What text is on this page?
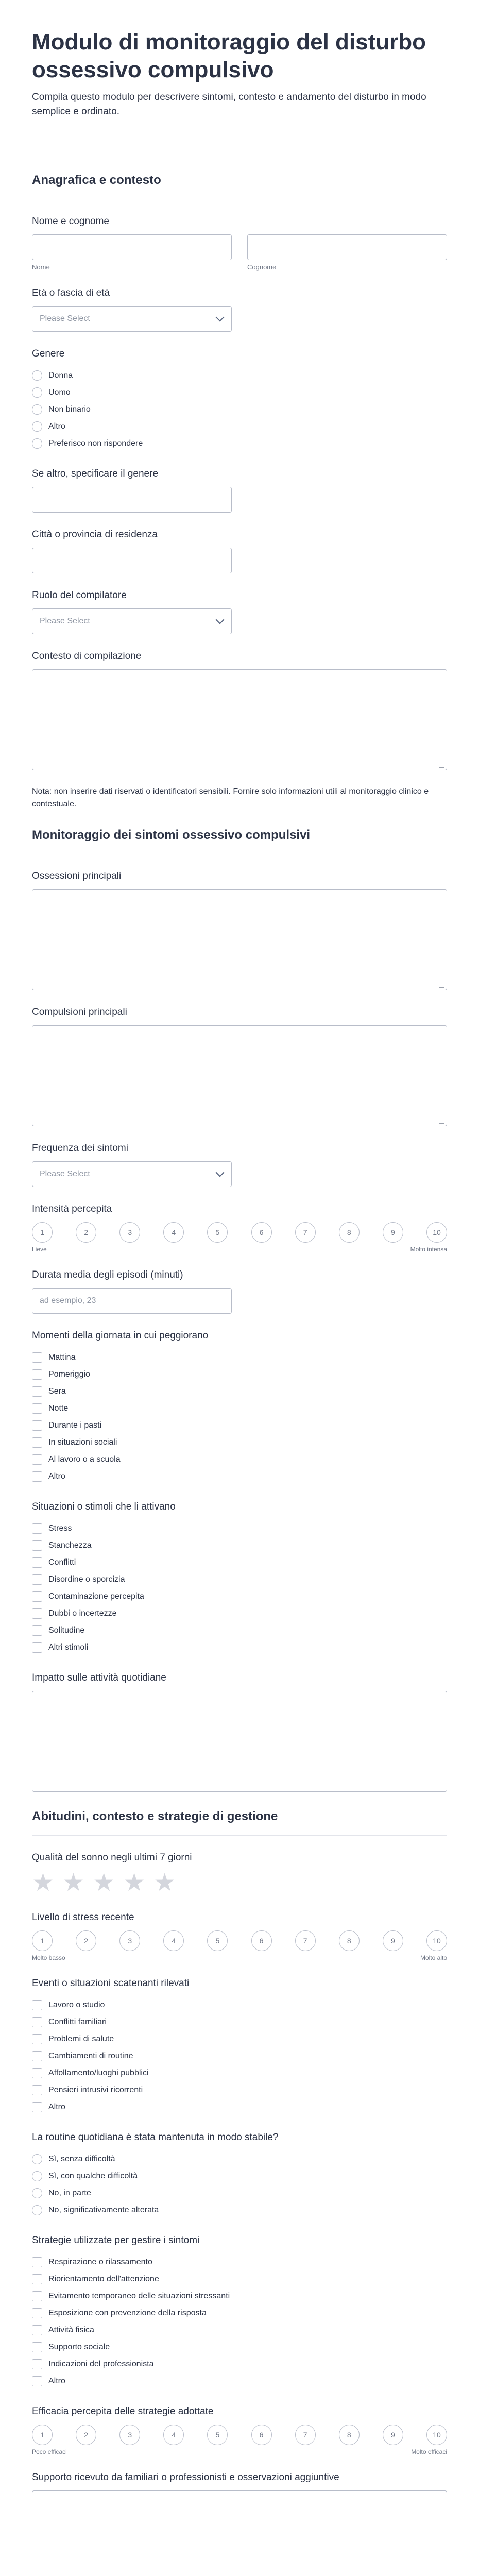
Modulo di monitoraggio del disturbo ossessivo compulsivo

Compila questo modulo per descrivere sintomi, contesto e andamento del disturbo in modo semplice e ordinato.

Anagrafica e contesto
Nome e cognome
Nome	Cognome
Età o fascia di età
Please Select
Genere
Donna
Uomo
Non binario
Altro
Preferisco non rispondere
Se altro, specificare il genere
Città o provincia di residenza
Ruolo del compilatore
Please Select
Contesto di compilazione

Nota: non inserire dati riservati o identificatori sensibili. Fornire solo informazioni utili al monitoraggio clinico e contestuale.

Monitoraggio dei sintomi ossessivo compulsivi
Ossessioni principali
Compulsioni principali
Frequenza dei sintomi
Please Select
Intensità percepita
1	2	3	4	5	6	7	8	9	10
Lieve	Molto intensa
Durata media degli episodi (minuti)
ad esempio, 23
Momenti della giornata in cui peggiorano
Mattina
Pomeriggio
Sera
Notte
Durante i pasti
In situazioni sociali
Al lavoro o a scuola
Altro
Situazioni o stimoli che li attivano
Stress
Stanchezza
Conflitti
Disordine o sporcizia
Contaminazione percepita
Dubbi o incertezze
Solitudine
Altri stimoli
Impatto sulle attività quotidiane
Abitudini, contesto e strategie di gestione
Qualità del sonno negli ultimi 7 giorni
★ ★ ★ ★ ★
Livello di stress recente
1	2	3	4	5	6	7	8	9	10
Molto basso	Molto alto
Eventi o situazioni scatenanti rilevati
Lavoro o studio
Conflitti familiari
Problemi di salute
Cambiamenti di routine
Affollamento/luoghi pubblici
Pensieri intrusivi ricorrenti
Altro
La routine quotidiana è stata mantenuta in modo stabile?
Sì, senza difficoltà
Sì, con qualche difficoltà
No, in parte
No, significativamente alterata
Strategie utilizzate per gestire i sintomi
Respirazione o rilassamento
Riorientamento dell'attenzione
Evitamento temporaneo delle situazioni stressanti
Esposizione con prevenzione della risposta
Attività fisica
Supporto sociale
Indicazioni del professionista
Altro
Efficacia percepita delle strategie adottate
1	2	3	4	5	6	7	8	9	10
Poco efficaci	Molto efficaci
Supporto ricevuto da familiari o professionisti e osservazioni aggiuntive
